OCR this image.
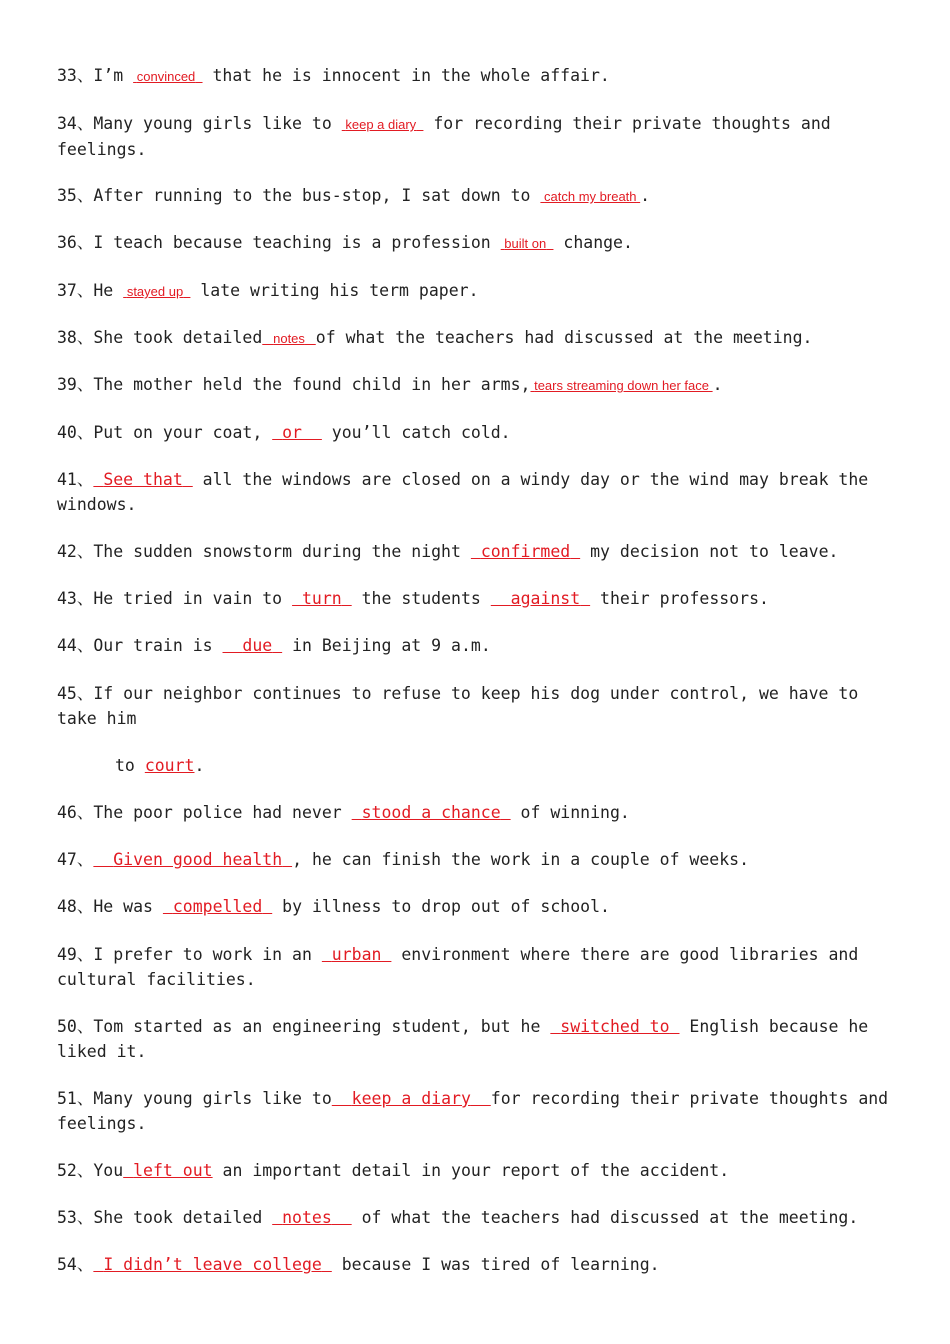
33、I’m  convinced   that he is innocent in the whole affair.
34、Many young girls like to  keep a diary   for recording their private thoughts and feelings.
35、After running to the bus-stop, I sat down to  catch my breath .
36、I teach because teaching is a profession  built on   change.
37、He  stayed up   late writing his term paper.
38、She took detailed notes of what the teachers had discussed at the meeting.
39、The mother held the found child in her arms, tears streaming down her face .
40、Put on your coat,  or   you’ll catch cold.
41、 See that  all the windows are closed on a windy day or the wind may break the windows.
42、The sudden snowstorm during the night  confirmed  my decision not to leave.
43、He tried in vain to  turn  the students   against  their professors.
44、Our train is   due  in Beijing at 9 a.m.
45、If our neighbor continues to refuse to keep his dog under control, we have to take him
to court.
46、The poor police had never  stood a chance  of winning.
47、 Given good health , he can finish the work in a couple of weeks.
48、He was  compelled  by illness to drop out of school.
49、I prefer to work in an  urban  environment where there are good libraries and cultural facilities.
50、Tom started as an engineering student, but he  switched to  English because he liked it.
51、Many young girls like to keep a diary for recording their private thoughts and feelings.
52、You left out an important detail in your report of the accident.
53、She took detailed  notes   of what the teachers had discussed at the meeting.
54、 I didn’t leave college  because I was tired of learning.
